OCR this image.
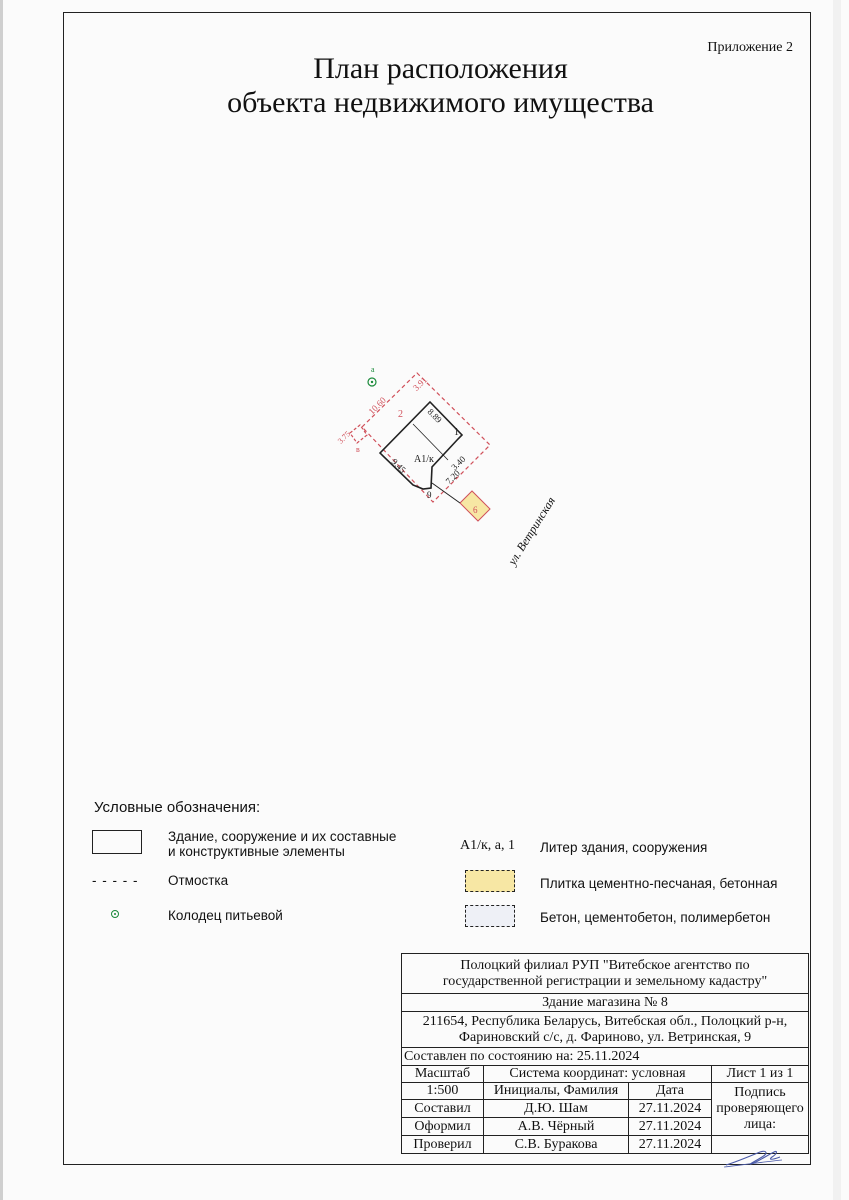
Приложение 2
План расположения
объекта недвижимого имущества
а
10.60
3.91
3.75
в
2	8.89
1
А1/к 3.40
9.45
7.20
9
6 ул. Ветринская
Условные обозначения:
Здание, сооружение и их составные
и конструктивные элементы
- - - - - Отмостка
Колодец питьевой
А1/к, а, 1 Литер здания, сооружения
Плитка цементно-песчаная, бетонная
Бетон, цементобетон, полимербетон
Полоцкий филиал РУП "Витебское агентство по
государственной регистрации и земельному кадастру"			

Здание магазина № 8			

211654, Республика Беларусь, Витебская обл., Полоцкий р-н,
Фариновский с/с, д. Фариново, ул. Ветринская, 9			

Составлен по состоянию на: 25.11.2024			
Масштаб	Система координат: условная		Лист 1 из 1
1:500	Инициалы, Фамилия	Дата	Подпись
проверяющего
лица:

Составил	Д.Ю. Шам	27.11.2024	
Оформил	А.В. Чёрный	27.11.2024	
Проверил	С.В. Буракова	27.11.2024	
